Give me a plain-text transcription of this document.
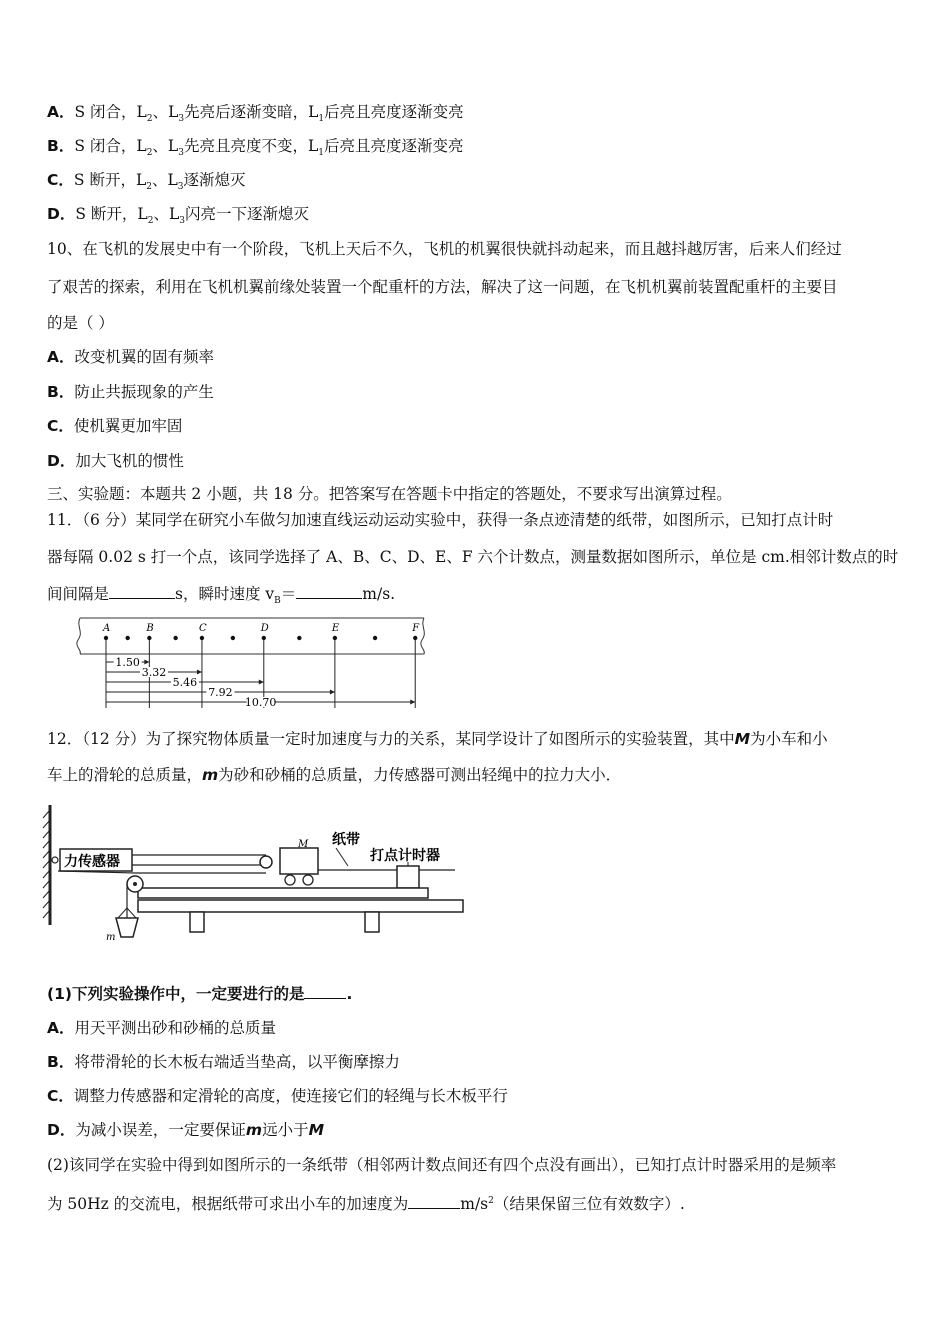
A．S 闭合，$L_2$、$L_3$先亮后逐渐变暗，$L_1$后亮且亮度逐渐变亮
B．S 闭合，$L_2$、$L_3$先亮且亮度不变，$L_1$后亮且亮度逐渐变亮
C．S 断开，$L_2$、$L_3$逐渐熄灭
D．S 断开，$L_2$、$L_3$闪亮一下逐渐熄灭
10、在飞机的发展史中有一个阶段，飞机上天后不久，飞机的机翼很快就抖动起来，而且越抖越厉害，后来人们经过
了艰苦的探索，利用在飞机机翼前缘处装置一个配重杆的方法，解决了这一问题，在飞机机翼前装置配重杆的主要目
的是（ ）
A．改变机翼的固有频率
B．防止共振现象的产生
C．使机翼更加牢固
D．加大飞机的惯性
三、实验题：本题共 2 小题，共 18 分。把答案写在答题卡中指定的答题处，不要求写出演算过程。
11．（6 分）某同学在研究小车做匀加速直线运动运动实验中，获得一条点迹清楚的纸带，如图所示，已知打点计时
器每隔 0.02 s 打一个点，该同学选择了 A、B、C、D、E、F 六个计数点，测量数据如图所示，单位是 cm.相邻计数点的时
间间隔是	s，瞬时速度 $v_B=$	m/s.
A	B	C	D	E	F
1.50
3.32
5.46
7.92
10.70
12．（12 分）为了探究物体质量一定时加速度与力的关系，某同学设计了如图所示的实验装置，其中M为小车和小
车上的滑轮的总质量，m为砂和砂桶的总质量，力传感器可测出轻绳中的拉力大小．
力传感器
M 纸带
打点计时器
m
(1)下列实验操作中，一定要进行的是	.
A．用天平测出砂和砂桶的总质量
B．将带滑轮的长木板右端适当垫高，以平衡摩擦力
C．调整力传感器和定滑轮的高度，使连接它们的轻绳与长木板平行
D．为减小误差，一定要保证m远小于M
(2)该同学在实验中得到如图所示的一条纸带（相邻两计数点间还有四个点没有画出），已知打点计时器采用的是频率
为 50Hz 的交流电，根据纸带可求出小车的加速度为	$m/s^2$（结果保留三位有效数字）.
